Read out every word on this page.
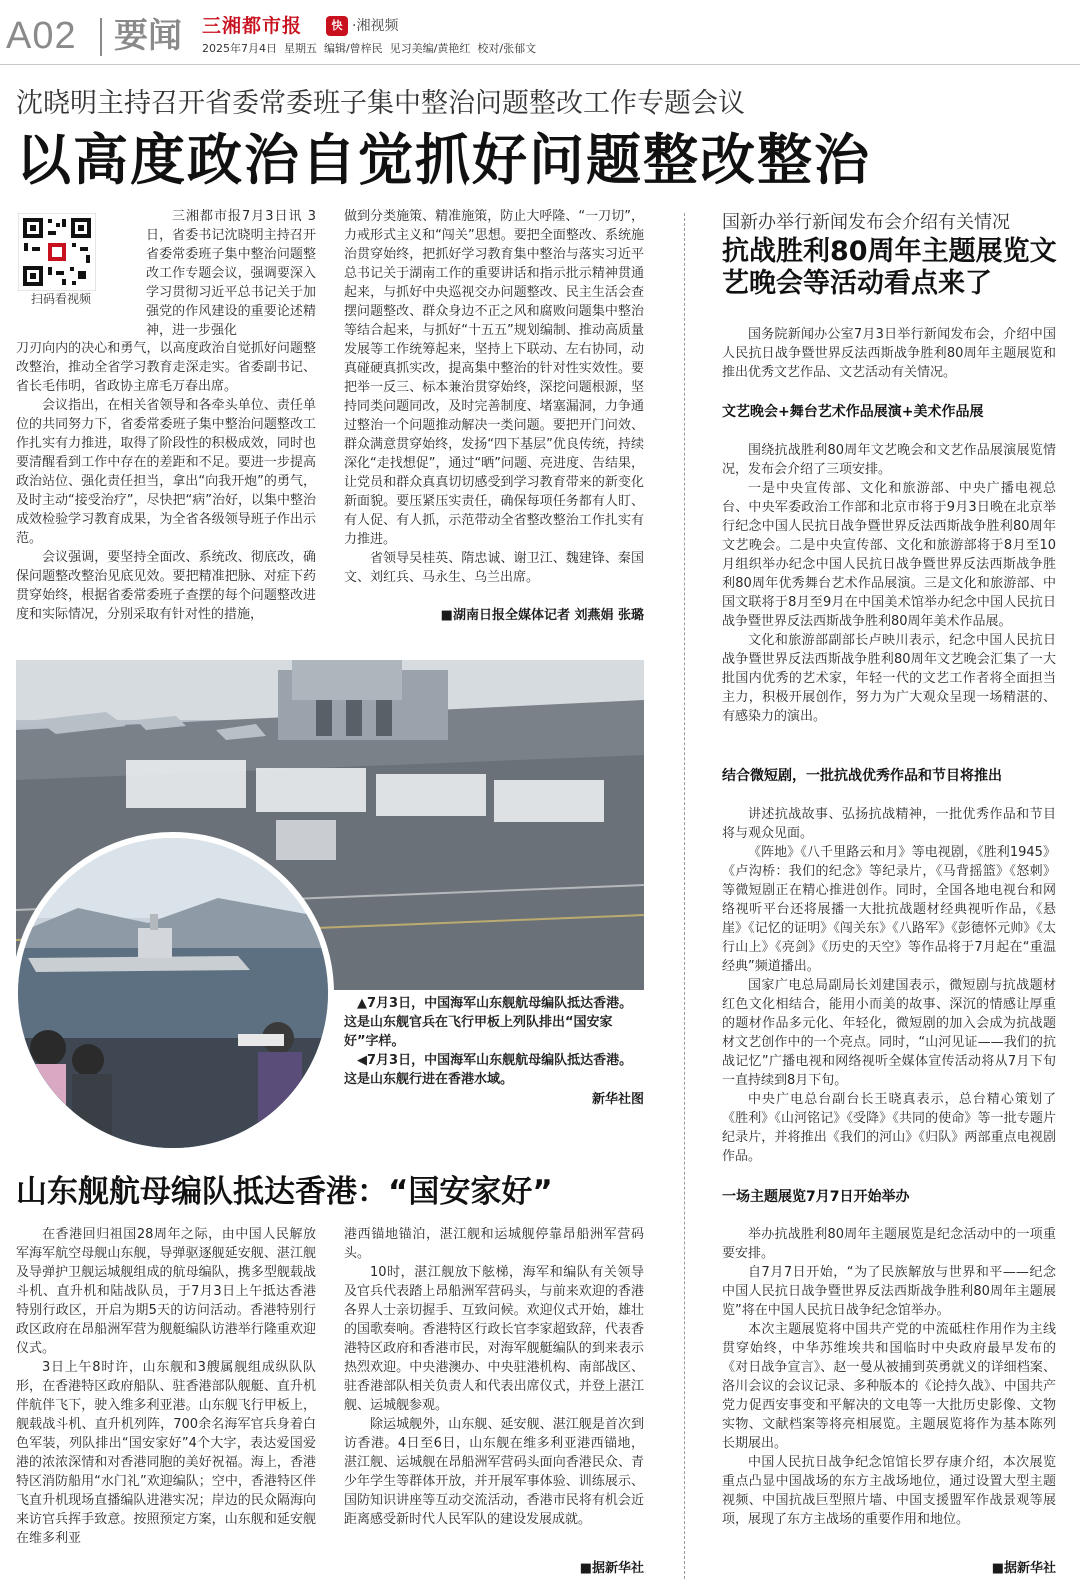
A02 要闻 三湘都市报	快 ·湘视频
2025年7月4日  星期五  编辑/曾梓民  见习美编/黄艳红  校对/张郁文
沈晓明主持召开省委常委班子集中整治问题整改工作专题会议
以高度政治自觉抓好问题整改整治
扫码看视频

三湘都市报7月3日讯 3日，省委书记沈晓明主持召开省委常委班子集中整治问题整改工作专题会议，强调要深入学习贯彻习近平总书记关于加强党的作风建设的重要论述精神，进一步强化

刀刃向内的决心和勇气，以高度政治自觉抓好问题整改整治，推动全省学习教育走深走实。省委副书记、省长毛伟明，省政协主席毛万春出席。

会议指出，在相关省领导和各牵头单位、责任单位的共同努力下，省委常委班子集中整治问题整改工作扎实有力推进，取得了阶段性的积极成效，同时也要清醒看到工作中存在的差距和不足。要进一步提高政治站位、强化责任担当，拿出“向我开炮”的勇气，及时主动“接受治疗”，尽快把“病”治好，以集中整治成效检验学习教育成果，为全省各级领导班子作出示范。

会议强调，要坚持全面改、系统改、彻底改，确保问题整改整治见底见效。要把精准把脉、对症下药贯穿始终，根据省委常委班子查摆的每个问题整改进度和实际情况，分别采取有针对性的措施，

做到分类施策、精准施策，防止大呼隆、“一刀切”，力戒形式主义和“闯关”思想。要把全面整改、系统施治贯穿始终，把抓好学习教育集中整治与落实习近平总书记关于湖南工作的重要讲话和指示批示精神贯通起来，与抓好中央巡视交办问题整改、民主生活会查摆问题整改、群众身边不正之风和腐败问题集中整治等结合起来，与抓好“十五五”规划编制、推动高质量发展等工作统筹起来，坚持上下联动、左右协同，动真碰硬真抓实改，提高集中整治的针对性实效性。要把举一反三、标本兼治贯穿始终，深挖问题根源，坚持同类问题同改，及时完善制度、堵塞漏洞，力争通过整治一个问题推动解决一类问题。要把开门问效、群众满意贯穿始终，发扬“四下基层”优良传统，持续深化“走找想促”，通过“晒”问题、亮进度、告结果，让党员和群众真真切切感受到学习教育带来的新变化新面貌。要压紧压实责任，确保每项任务都有人盯、有人促、有人抓，示范带动全省整改整治工作扎实有力推进。

省领导吴桂英、隋忠诚、谢卫江、魏建锋、秦国文、刘红兵、马永生、乌兰出席。

■湖南日报全媒体记者 刘燕娟 张璐

▲7月3日，中国海军山东舰航母编队抵达香港。这是山东舰官兵在飞行甲板上列队排出“国安家好”字样。

◀7月3日，中国海军山东舰航母编队抵达香港。这是山东舰行进在香港水域。

新华社图
山东舰航母编队抵达香港：“国安家好”

在香港回归祖国28周年之际，由中国人民解放军海军航空母舰山东舰，导弹驱逐舰延安舰、湛江舰及导弹护卫舰运城舰组成的航母编队，携多型舰载战斗机、直升机和陆战队员，于7月3日上午抵达香港特别行政区，开启为期5天的访问活动。香港特别行政区政府在昂船洲军营为舰艇编队访港举行隆重欢迎仪式。

3日上午8时许，山东舰和3艘属舰组成纵队队形，在香港特区政府船队、驻香港部队舰艇、直升机伴航伴飞下，驶入维多利亚港。山东舰飞行甲板上，舰载战斗机、直升机列阵，700余名海军官兵身着白色军装，列队排出“国安家好”4个大字，表达爱国爱港的浓浓深情和对香港同胞的美好祝福。海上，香港特区消防船用“水门礼”欢迎编队；空中，香港特区伴飞直升机现场直播编队进港实况；岸边的民众隔海向来访官兵挥手致意。按照预定方案，山东舰和延安舰在维多利亚

港西锚地锚泊，湛江舰和运城舰停靠昂船洲军营码头。

10时，湛江舰放下舷梯，海军和编队有关领导及官兵代表踏上昂船洲军营码头，与前来欢迎的香港各界人士亲切握手、互致问候。欢迎仪式开始，雄壮的国歌奏响。香港特区行政长官李家超致辞，代表香港特区政府和香港市民，对海军舰艇编队的到来表示热烈欢迎。中央港澳办、中央驻港机构、南部战区、驻香港部队相关负责人和代表出席仪式，并登上湛江舰、运城舰参观。

除运城舰外，山东舰、延安舰、湛江舰是首次到访香港。4日至6日，山东舰在维多利亚港西锚地，湛江舰、运城舰在昂船洲军营码头面向香港民众、青少年学生等群体开放，并开展军事体验、训练展示、国防知识讲座等互动交流活动，香港市民将有机会近距离感受新时代人民军队的建设发展成就。

■据新华社
国新办举行新闻发布会介绍有关情况
抗战胜利80周年主题展览文艺晚会等活动看点来了

国务院新闻办公室7月3日举行新闻发布会，介绍中国人民抗日战争暨世界反法西斯战争胜利80周年主题展览和推出优秀文艺作品、文艺活动有关情况。

文艺晚会+舞台艺术作品展演+美术作品展

围绕抗战胜利80周年文艺晚会和文艺作品展演展览情况，发布会介绍了三项安排。

一是中央宣传部、文化和旅游部、中央广播电视总台、中央军委政治工作部和北京市将于9月3日晚在北京举行纪念中国人民抗日战争暨世界反法西斯战争胜利80周年文艺晚会。二是中央宣传部、文化和旅游部将于8月至10月组织举办纪念中国人民抗日战争暨世界反法西斯战争胜利80周年优秀舞台艺术作品展演。三是文化和旅游部、中国文联将于8月至9月在中国美术馆举办纪念中国人民抗日战争暨世界反法西斯战争胜利80周年美术作品展。

文化和旅游部副部长卢映川表示，纪念中国人民抗日战争暨世界反法西斯战争胜利80周年文艺晚会汇集了一大批国内优秀的艺术家，年轻一代的文艺工作者将全面担当主力，积极开展创作，努力为广大观众呈现一场精湛的、有感染力的演出。

结合微短剧，一批抗战优秀作品和节目将推出

讲述抗战故事、弘扬抗战精神，一批优秀作品和节目将与观众见面。

《阵地》《八千里路云和月》等电视剧，《胜利1945》《卢沟桥：我们的纪念》等纪录片，《马背摇篮》《怒刺》等微短剧正在精心推进创作。同时，全国各地电视台和网络视听平台还将展播一大批抗战题材经典视听作品，《悬崖》《记忆的证明》《闯关东》《八路军》《彭德怀元帅》《太行山上》《亮剑》《历史的天空》等作品将于7月起在“重温经典”频道播出。

国家广电总局副局长刘建国表示，微短剧与抗战题材红色文化相结合，能用小而美的故事、深沉的情感让厚重的题材作品多元化、年轻化，微短剧的加入会成为抗战题材文艺创作中的一个亮点。同时，“山河见证——我们的抗战记忆”广播电视和网络视听全媒体宣传活动将从7月下旬一直持续到8月下旬。

中央广电总台副台长王晓真表示，总台精心策划了《胜利》《山河铭记》《受降》《共同的使命》等一批专题片纪录片，并将推出《我们的河山》《归队》两部重点电视剧作品。

一场主题展览7月7日开始举办

举办抗战胜利80周年主题展览是纪念活动中的一项重要安排。

自7月7日开始，“为了民族解放与世界和平——纪念中国人民抗日战争暨世界反法西斯战争胜利80周年主题展览”将在中国人民抗日战争纪念馆举办。

本次主题展览将中国共产党的中流砥柱作用作为主线贯穿始终，中华苏维埃共和国临时中央政府最早发布的《对日战争宣言》、赵一曼从被捕到英勇就义的详细档案、洛川会议的会议记录、多种版本的《论持久战》、中国共产党力促西安事变和平解决的文电等一大批历史影像、文物实物、文献档案等将亮相展览。主题展览将作为基本陈列长期展出。

中国人民抗日战争纪念馆馆长罗存康介绍，本次展览重点凸显中国战场的东方主战场地位，通过设置大型主题视频、中国抗战巨型照片墙、中国支援盟军作战景观等展项，展现了东方主战场的重要作用和地位。

■据新华社
